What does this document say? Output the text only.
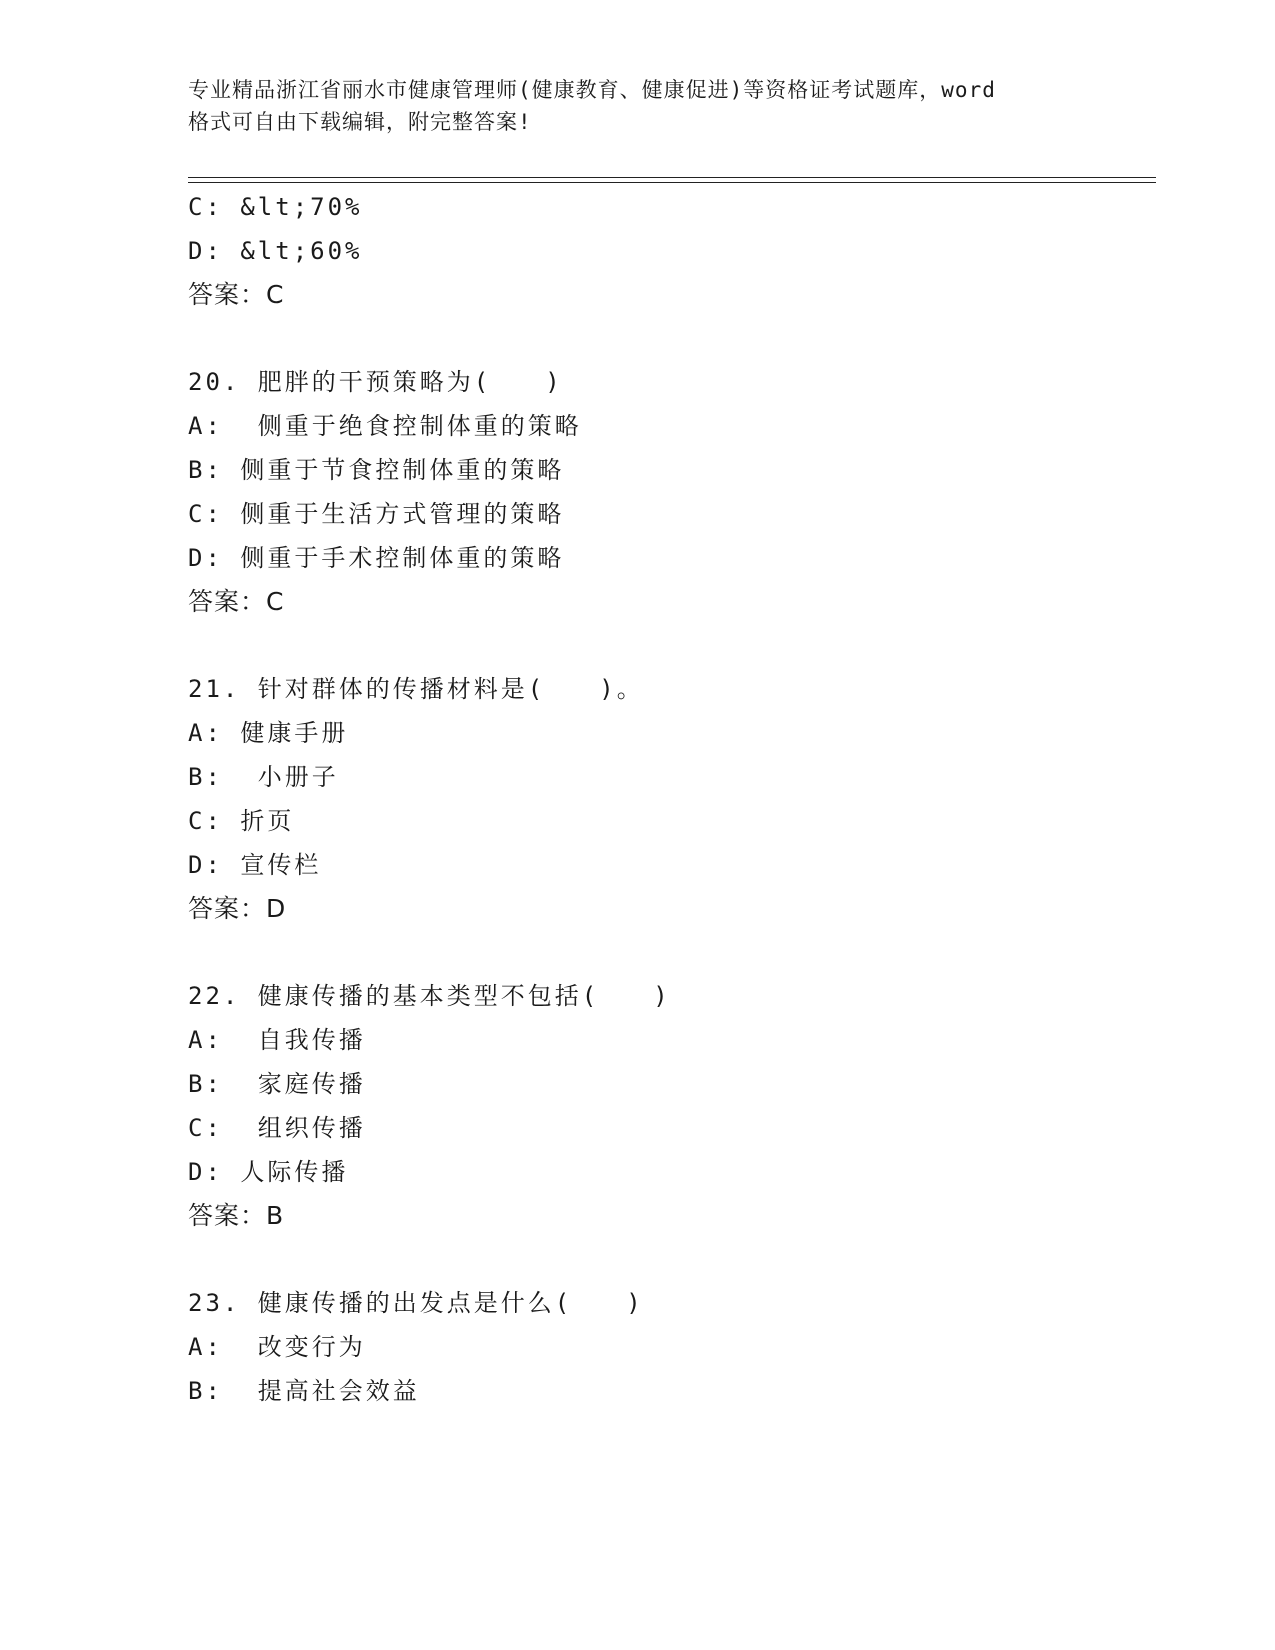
专业精品浙江省丽水市健康管理师(健康教育、健康促进)等资格证考试题库，word
格式可自由下载编辑，附完整答案!
C: &lt;70%
D: &lt;60%
答案：C
20. 肥胖的干预策略为(　　)
A:  侧重于绝食控制体重的策略
B: 侧重于节食控制体重的策略
C: 侧重于生活方式管理的策略
D: 侧重于手术控制体重的策略
答案：C
21. 针对群体的传播材料是(　　)。
A: 健康手册
B:  小册子
C: 折页
D: 宣传栏
答案：D
22. 健康传播的基本类型不包括(　　)
A:  自我传播
B:  家庭传播
C:  组织传播
D: 人际传播
答案：B
23. 健康传播的出发点是什么(　　)
A:  改变行为
B:  提高社会效益
